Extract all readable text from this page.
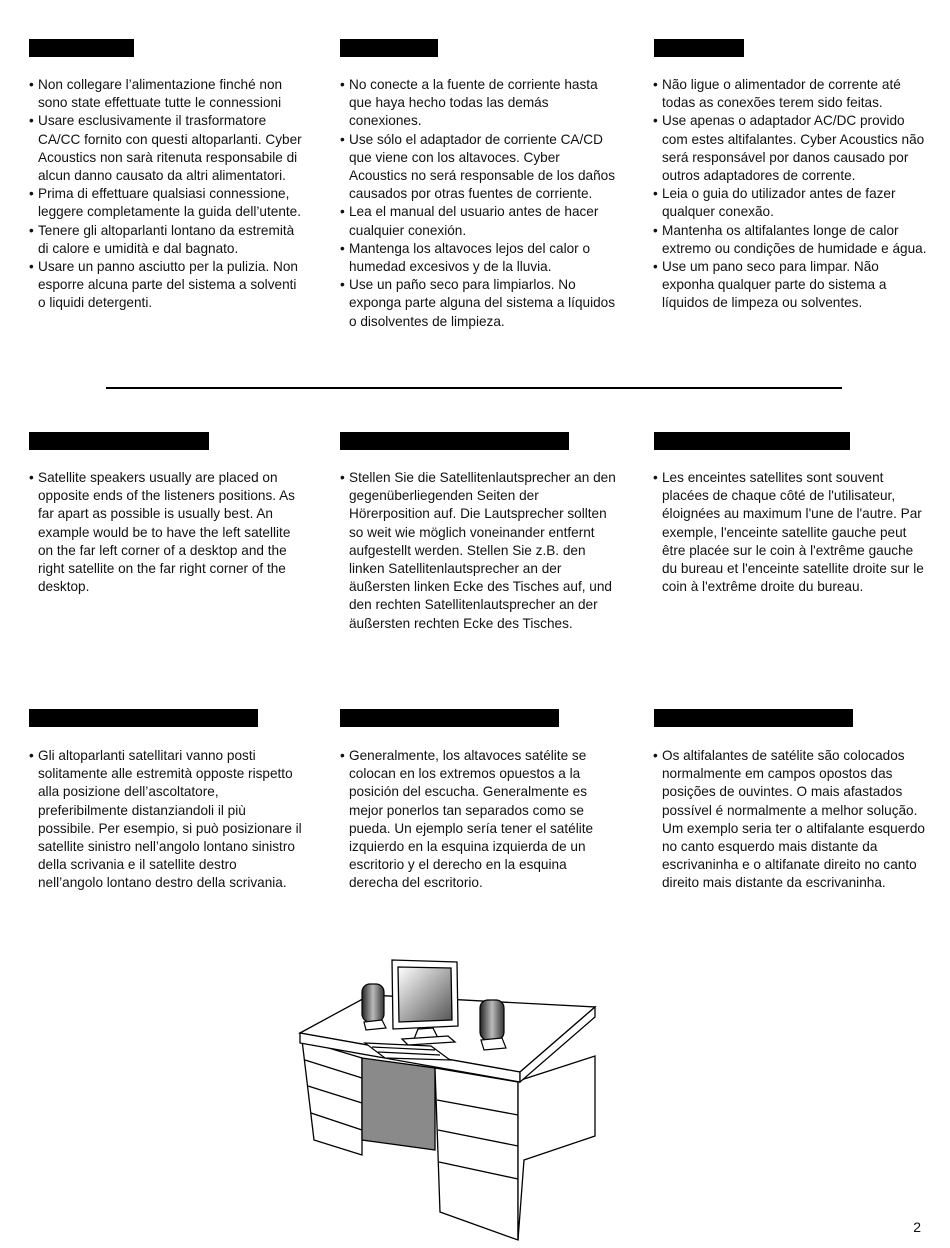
• Non collegare l’alimentazione finché non sono state effettuate tutte le connessioni
• Usare esclusivamente il trasformatore CA/CC fornito con questi altoparlanti. Cyber Acoustics non sarà ritenuta responsabile di alcun danno causato da altri alimentatori.
• Prima di effettuare qualsiasi connessione, leggere completamente la guida dell’utente.
• Tenere gli altoparlanti lontano da estremità di calore e umidità e dal bagnato.
• Usare un panno asciutto per la pulizia. Non esporre alcuna parte del sistema a solventi o liquidi detergenti.
• No conecte a la fuente de corriente hasta que haya hecho todas las demás conexiones.
• Use sólo el adaptador de corriente CA/CD que viene con los altavoces. Cyber Acoustics no será responsable de los daños causados por otras fuentes de corriente.
• Lea el manual del usuario antes de hacer cualquier conexión.
• Mantenga los altavoces lejos del calor o humedad excesivos y de la lluvia.
• Use un paño seco para limpiarlos. No exponga parte alguna del sistema a líquidos o disolventes de limpieza.
• Não ligue o alimentador de corrente até todas as conexões terem sido feitas.
• Use apenas o adaptador AC/DC provido com estes altifalantes. Cyber Acoustics não será responsável por danos causado por outros adaptadores de corrente.
• Leia o guia do utilizador antes de fazer qualquer conexão.
• Mantenha os altifalantes longe de calor extremo ou condições de humidade e água.
• Use um pano seco para limpar. Não exponha qualquer parte do sistema a líquidos de limpeza ou solventes.
• Satellite speakers usually are placed on opposite ends of the listeners positions. As far apart as possible is usually best. An example would be to have the left satellite on the far left corner of a desktop and the right satellite on the far right corner of the desktop.
• Stellen Sie die Satellitenlautsprecher an den gegenüberliegenden Seiten der Hörerposition auf. Die Lautsprecher sollten so weit wie möglich voneinander entfernt aufgestellt werden. Stellen Sie z.B. den linken Satellitenlautsprecher an der äußersten linken Ecke des Tisches auf, und den rechten Satellitenlautsprecher an der äußersten rechten Ecke des Tisches.
• Les enceintes satellites sont souvent placées de chaque côté de l'utilisateur, éloignées au maximum l'une de l'autre. Par exemple, l'enceinte satellite gauche peut être placée sur le coin à l'extrême gauche du bureau et l'enceinte satellite droite sur le coin à l'extrême droite du bureau.
• Gli altoparlanti satellitari vanno posti solitamente alle estremità opposte rispetto alla posizione dell’ascoltatore, preferibilmente distanziandoli il più possibile. Per esempio, si può posizionare il satellite sinistro nell’angolo lontano sinistro della scrivania e il satellite destro nell’angolo lontano destro della scrivania.
• Generalmente, los altavoces satélite se colocan en los extremos opuestos a la posición del escucha. Generalmente es mejor ponerlos tan separados como se pueda. Un ejemplo sería tener el satélite izquierdo en la esquina izquierda de un escritorio y el derecho en la esquina derecha del escritorio.
• Os altifalantes de satélite são colocados normalmente em campos opostos das posições de ouvintes. O mais afastados possível é normalmente a melhor solução. Um exemplo seria ter o altifalante esquerdo no canto esquerdo mais distante da escrivaninha e o altifanate direito no canto direito mais distante da escrivaninha.
2
